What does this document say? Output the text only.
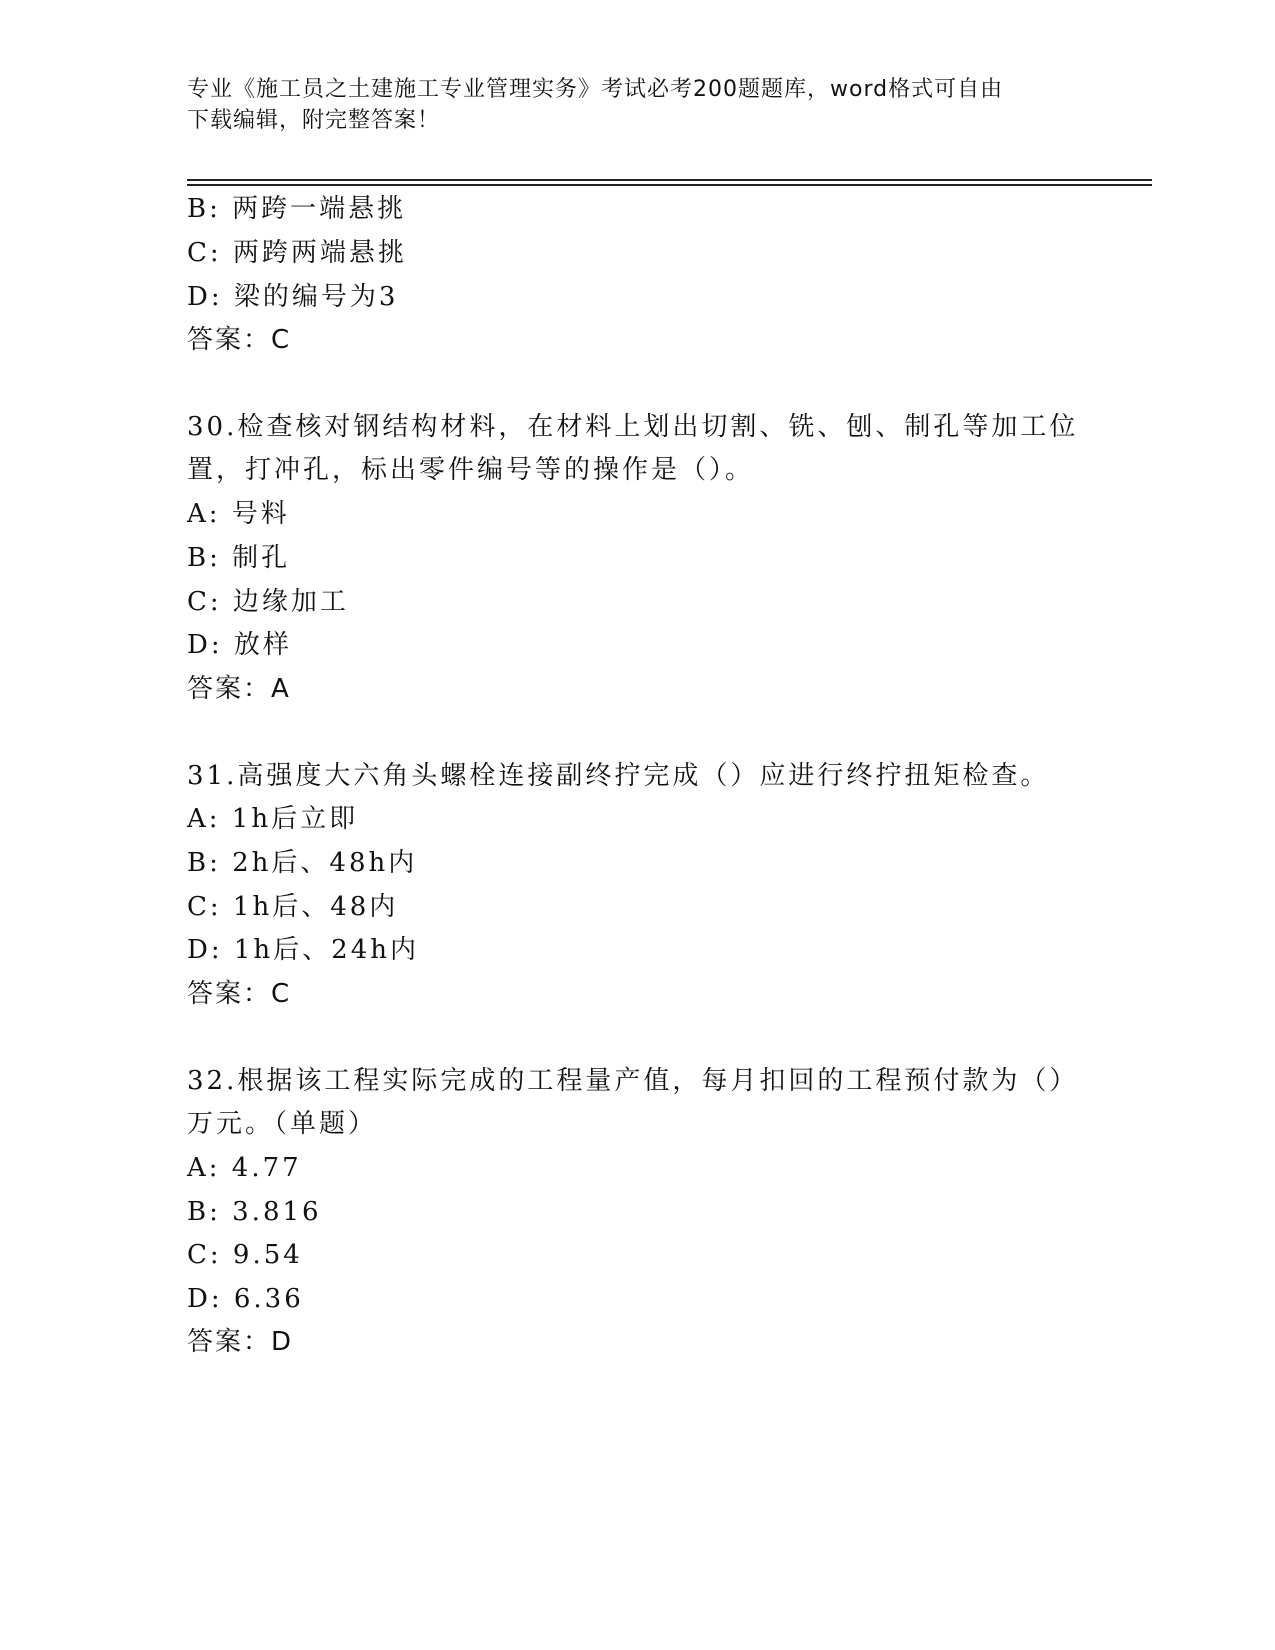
专业《施工员之土建施工专业管理实务》考试必考200题题库，word格式可自由
下载编辑，附完整答案！
B: 两跨一端悬挑
C: 两跨两端悬挑
D: 梁的编号为3
答案：C
30.检查核对钢结构材料，在材料上划出切割、铣、刨、制孔等加工位
置，打冲孔，标出零件编号等的操作是（）。
A: 号料
B: 制孔
C: 边缘加工
D: 放样
答案：A
31.高强度大六角头螺栓连接副终拧完成（）应进行终拧扭矩检查。
A: 1h后立即
B: 2h后、48h内
C: 1h后、48内
D: 1h后、24h内
答案：C
32.根据该工程实际完成的工程量产值，每月扣回的工程预付款为（）
万元。（单题）
A: 4.77
B: 3.816
C: 9.54
D: 6.36
答案：D
